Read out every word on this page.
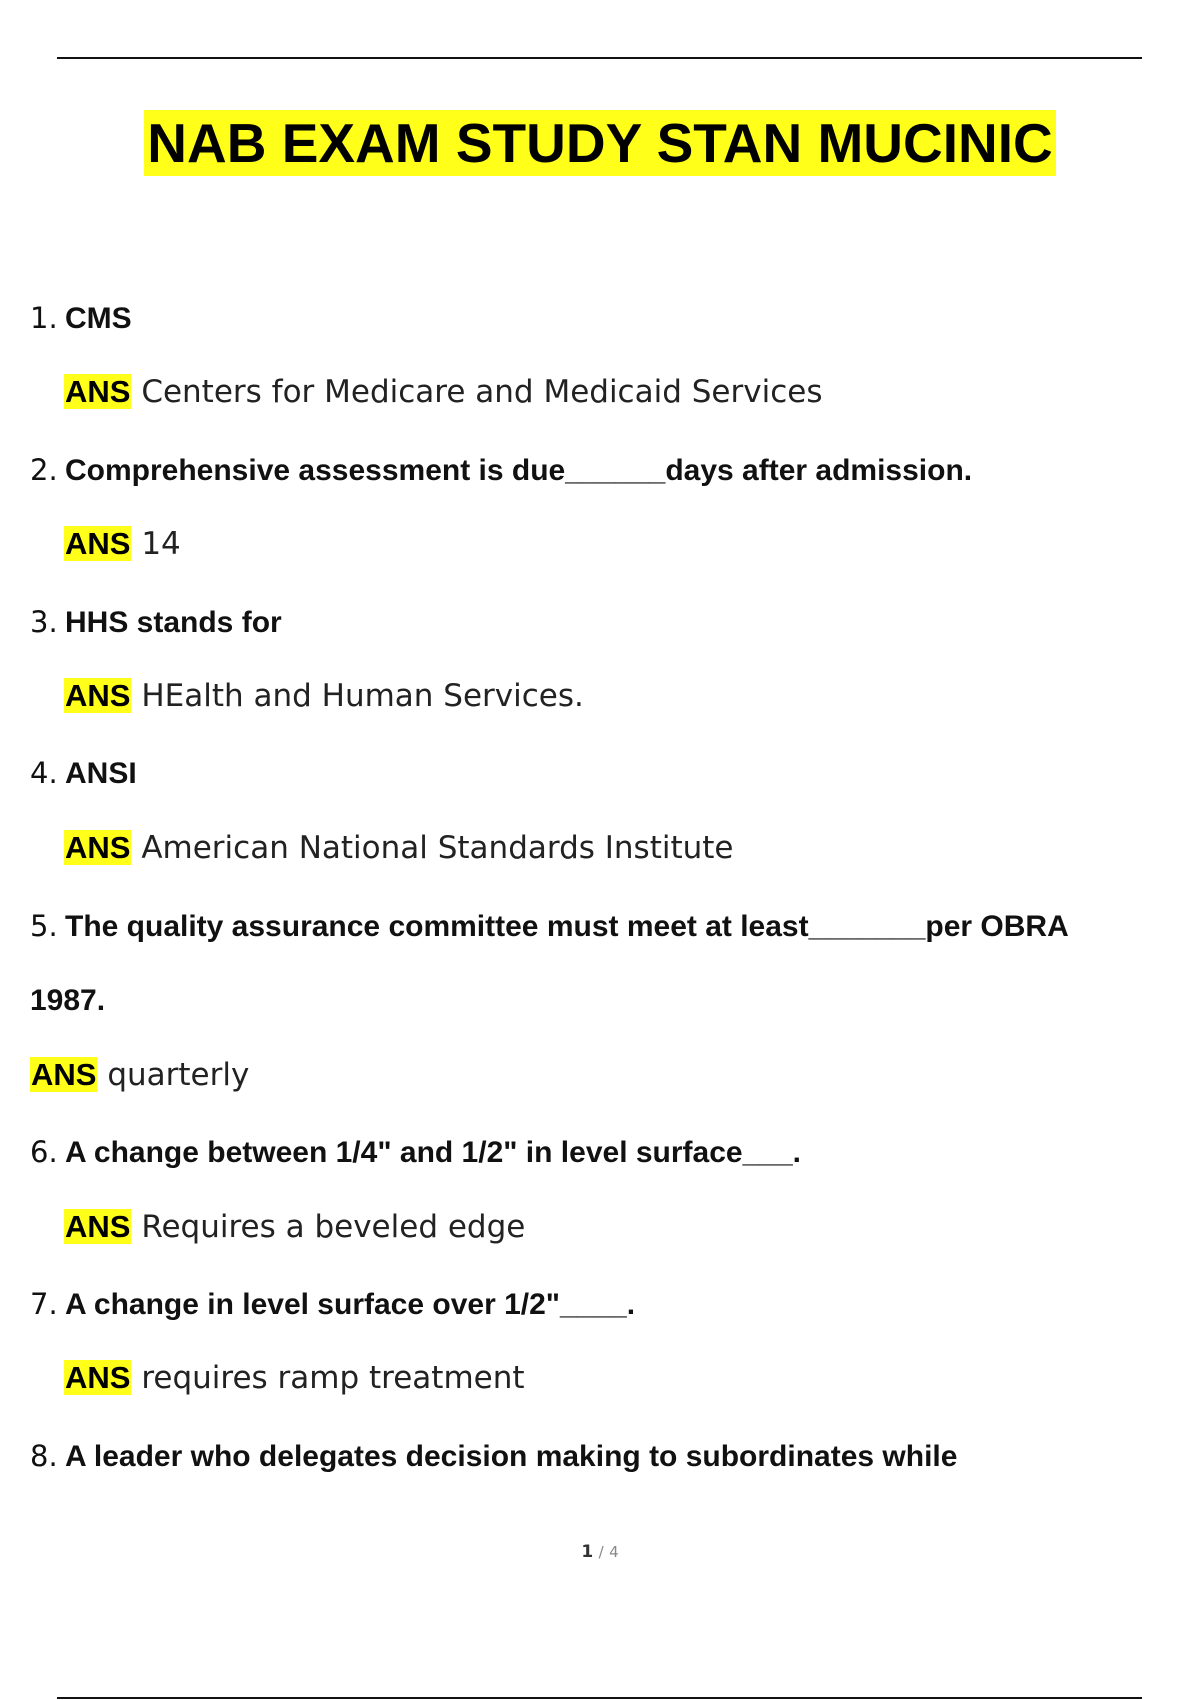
NAB EXAM STUDY STAN MUCINIC
1. CMS
ANS Centers for Medicare and Medicaid Services
2. Comprehensive assessment is due______days after admission.
ANS 14
3. HHS stands for
ANS HEalth and Human Services.
4. ANSI
ANS American National Standards Institute
5. The quality assurance committee must meet at least_______per OBRA
1987.
ANS quarterly
6. A change between 1/4" and 1/2" in level surface___.
ANS Requires a beveled edge
7. A change in level surface over 1/2"____.
ANS requires ramp treatment
8. A leader who delegates decision making to subordinates while
1 / 4
